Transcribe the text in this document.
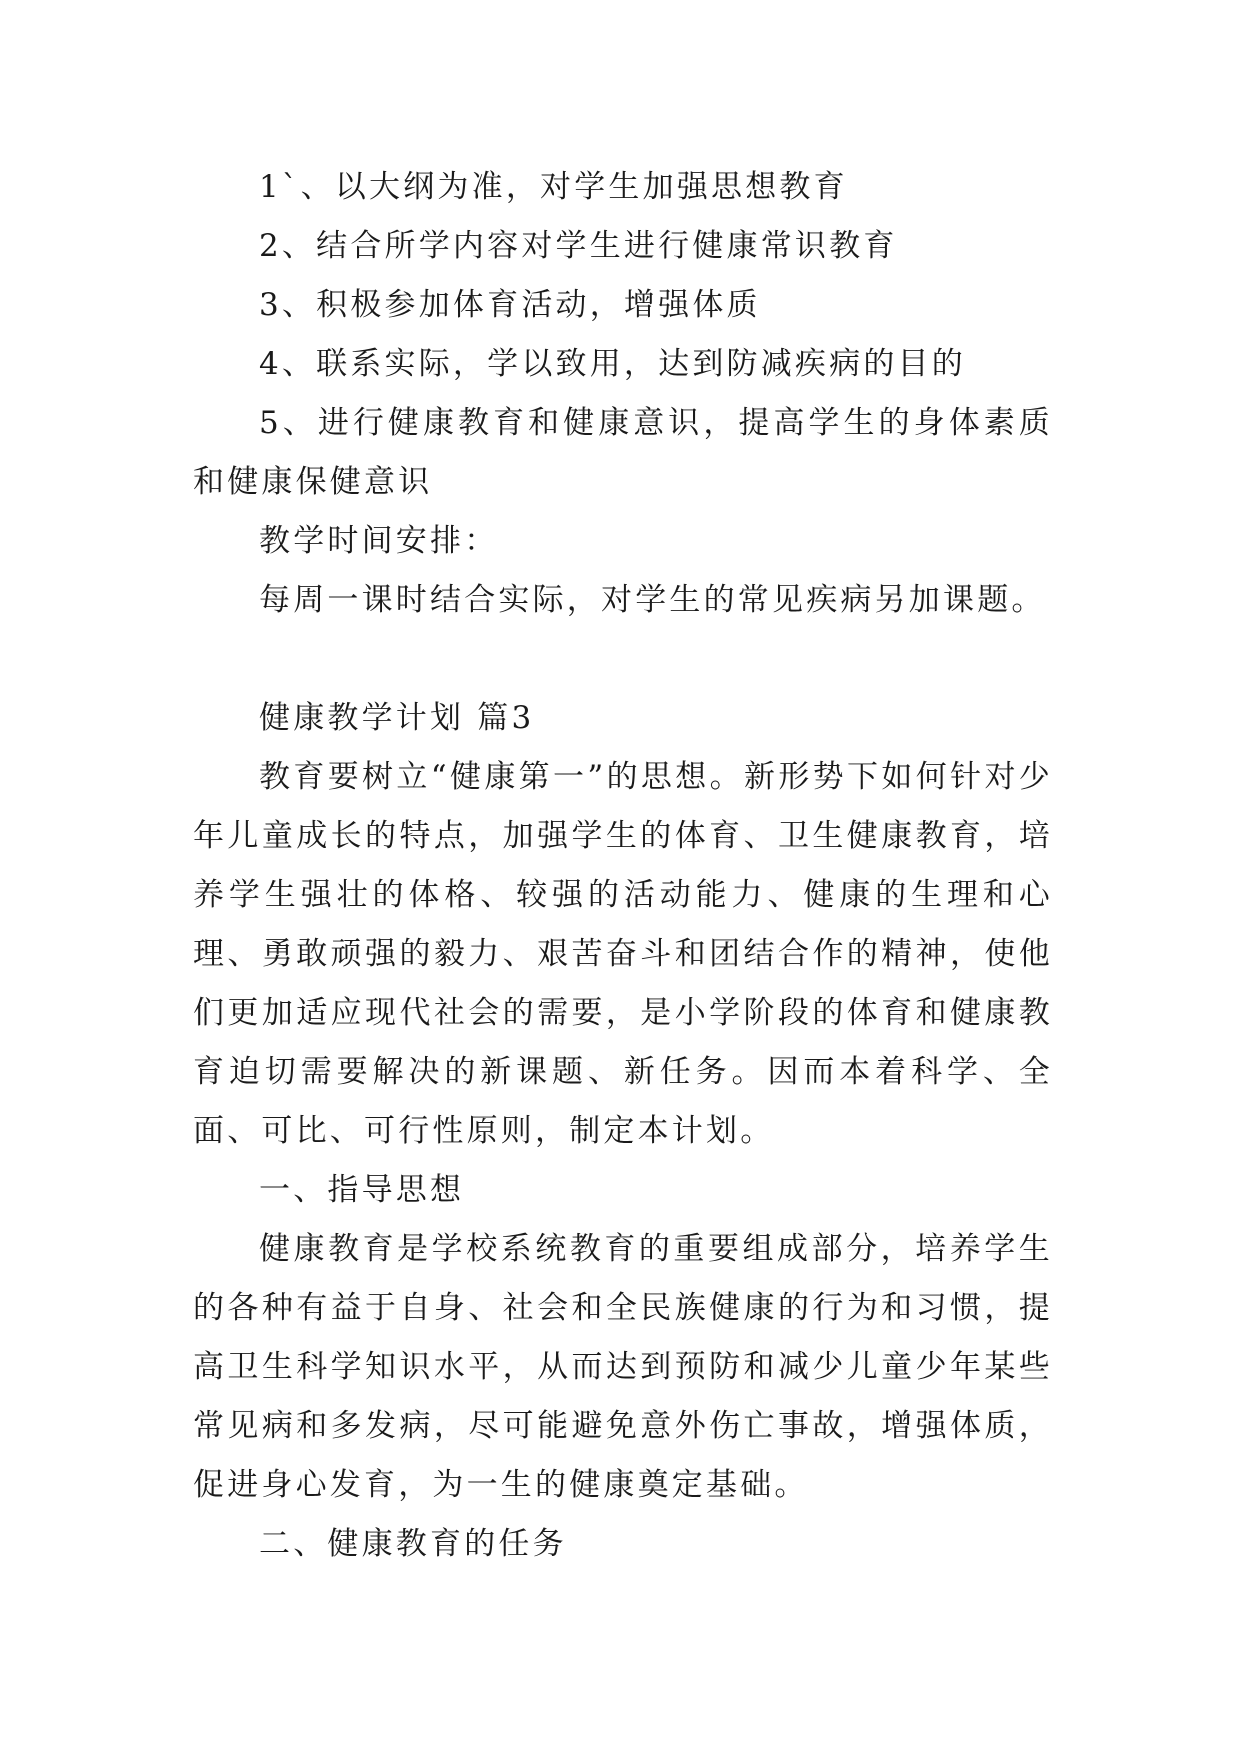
1`、以大纲为准，对学生加强思想教育

2、结合所学内容对学生进行健康常识教育

3、积极参加体育活动，增强体质

4、联系实际，学以致用，达到防减疾病的目的

5、进行健康教育和健康意识，提高学生的身体素质和健康保健意识

教学时间安排：

每周一课时结合实际，对学生的常见疾病另加课题。

健康教学计划 篇3

教育要树立“健康第一”的思想。新形势下如何针对少年儿童成长的特点，加强学生的体育、卫生健康教育，培养学生强壮的体格、较强的活动能力、健康的生理和心理、勇敢顽强的毅力、艰苦奋斗和团结合作的精神，使他们更加适应现代社会的需要，是小学阶段的体育和健康教育迫切需要解决的新课题、新任务。因而本着科学、全面、可比、可行性原则，制定本计划。

一、指导思想

健康教育是学校系统教育的重要组成部分，培养学生的各种有益于自身、社会和全民族健康的行为和习惯，提高卫生科学知识水平，从而达到预防和减少儿童少年某些常见病和多发病，尽可能避免意外伤亡事故，增强体质，促进身心发育，为一生的健康奠定基础。

二、健康教育的任务
